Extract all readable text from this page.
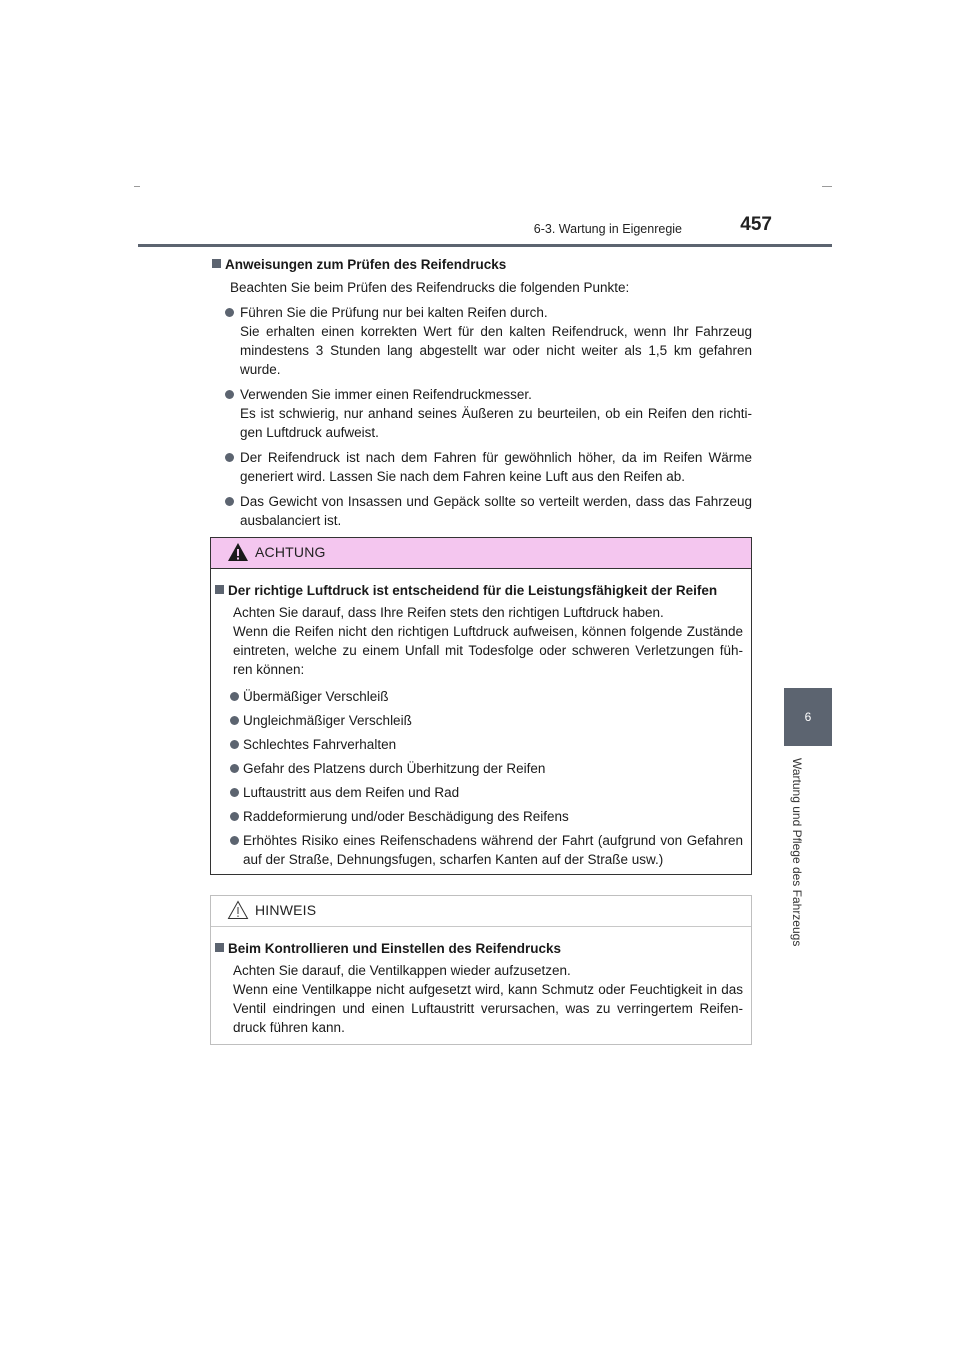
6-3. Wartung in Eigenregie	457
6
Wartung und Pflege des Fahrzeugs
Anweisungen zum Prüfen des Reifendrucks
Beachten Sie beim Prüfen des Reifendrucks die folgenden Punkte:
Führen Sie die Prüfung nur bei kalten Reifen durch.
Sie erhalten einen korrekten Wert für den kalten Reifendruck, wenn Ihr Fahrzeug mindestens 3 Stunden lang abgestellt war oder nicht weiter als 1,5 km gefahren wurde.
Verwenden Sie immer einen Reifendruckmesser.
Es ist schwierig, nur anhand seines Äußeren zu beurteilen, ob ein Reifen den richti-gen Luftdruck aufweist.
Der Reifendruck ist nach dem Fahren für gewöhnlich höher, da im Reifen Wärme generiert wird. Lassen Sie nach dem Fahren keine Luft aus den Reifen ab.
Das Gewicht von Insassen und Gepäck sollte so verteilt werden, dass das Fahrzeug ausbalanciert ist.
ACHTUNG
Der richtige Luftdruck ist entscheidend für die Leistungsfähigkeit der Reifen
Achten Sie darauf, dass Ihre Reifen stets den richtigen Luftdruck haben.
Wenn die Reifen nicht den richtigen Luftdruck aufweisen, können folgende Zustände eintreten, welche zu einem Unfall mit Todesfolge oder schweren Verletzungen füh-ren können:
Übermäßiger Verschleiß
Ungleichmäßiger Verschleiß
Schlechtes Fahrverhalten
Gefahr des Platzens durch Überhitzung der Reifen
Luftaustritt aus dem Reifen und Rad
Raddeformierung und/oder Beschädigung des Reifens
Erhöhtes Risiko eines Reifenschadens während der Fahrt (aufgrund von Gefahren auf der Straße, Dehnungsfugen, scharfen Kanten auf der Straße usw.)
HINWEIS
Beim Kontrollieren und Einstellen des Reifendrucks
Achten Sie darauf, die Ventilkappen wieder aufzusetzen.
Wenn eine Ventilkappe nicht aufgesetzt wird, kann Schmutz oder Feuchtigkeit in das Ventil eindringen und einen Luftaustritt verursachen, was zu verringertem Reifen-druck führen kann.
